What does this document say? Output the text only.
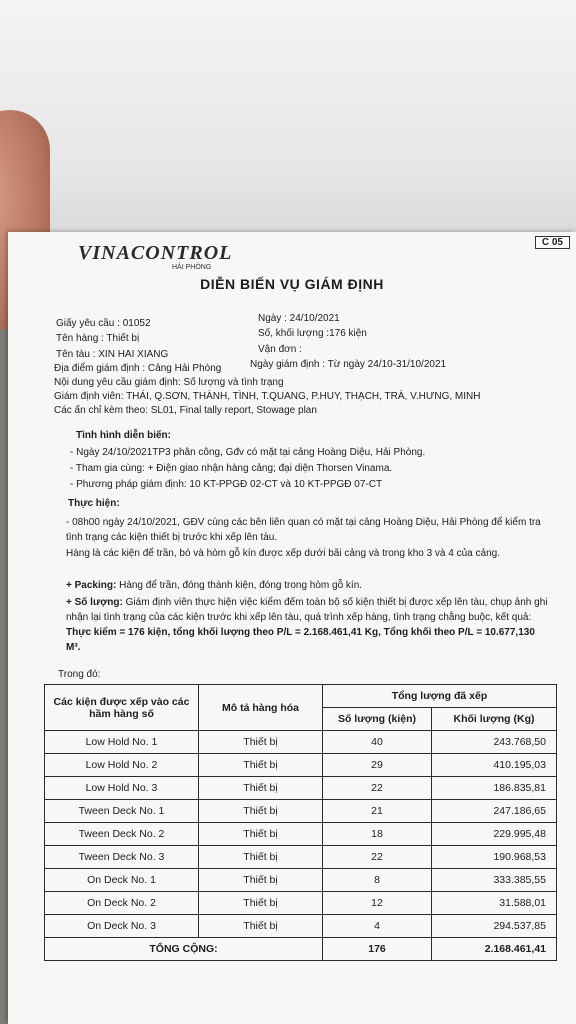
C 05
VINACONTROL
HẢI PHÒNG
DIỄN BIẾN VỤ GIÁM ĐỊNH
Giấy yêu cầu : 01052	Ngày : 24/10/2021
Tên hàng : Thiết bị	Số, khối lượng :176 kiện
Tên tàu : XIN HAI XIANG	Vận đơn :
Địa điểm giám định : Cảng Hải Phòng	Ngày giám định : Từ ngày 24/10-31/10/2021
Nội dung yêu cầu giám định: Số lượng và tình trạng
Giám định viên: THÁI, Q.SƠN, THÀNH, TÌNH, T.QUANG, P.HUY, THẠCH, TRÀ, V.HƯNG, MINH
Các ấn chỉ kèm theo: SL01, Final tally report, Stowage plan
Tình hình diễn biến:
- Ngày 24/10/2021TP3 phân công, Gđv có mặt tại cảng Hoàng Diệu, Hải Phòng.
- Tham gia cùng: + Điện giao nhận hàng cảng; đại diện Thorsen Vinama.
- Phương pháp giám định: 10 KT-PPGĐ 02-CT và 10 KT-PPGĐ 07-CT
Thực hiện:
- 08h00 ngày 24/10/2021, GĐV cùng các bên liên quan có mặt tại cảng Hoàng Diệu, Hải Phòng để kiểm tra tình trạng các kiện thiết bị trước khi xếp lên tàu.
Hàng là các kiện để trần, bó và hòm gỗ kín được xếp dưới bãi cảng và trong kho 3 và 4 của cảng.
+ Packing: Hàng để trần, đóng thành kiện, đóng trong hòm gỗ kín.
+ Số lượng: Giám định viên thực hiện việc kiểm đếm toàn bộ số kiện thiết bị được xếp lên tàu, chụp ảnh ghi nhận lại tình trạng của các kiện trước khi xếp lên tàu, quá trình xếp hàng, tình trạng chằng buộc, kết quả: Thực kiểm = 176 kiện, tổng khối lượng theo P/L = 2.168.461,41 Kg, Tổng khối theo P/L = 10.677,130 M³.
Trong đó:
Các kiện được xếp vào các hầm hàng số	Mô tả hàng hóa	Tổng lượng đã xếp	
		Số lượng (kiện)	Khối lượng (Kg)
Low Hold No. 1	Thiết bị	40	243.768,50
Low Hold No. 2	Thiết bị	29	410.195,03
Low Hold No. 3	Thiết bị	22	186.835,81
Tween Deck No. 1	Thiết bị	21	247.186,65
Tween Deck No. 2	Thiết bị	18	229.995,48
Tween Deck No. 3	Thiết bị	22	190.968,53
On Deck No. 1	Thiết bị	8	333.385,55
On Deck No. 2	Thiết bị	12	31.588,01
On Deck No. 3	Thiết bị	4	294.537,85
TỔNG CỘNG:		176	2.168.461,41
